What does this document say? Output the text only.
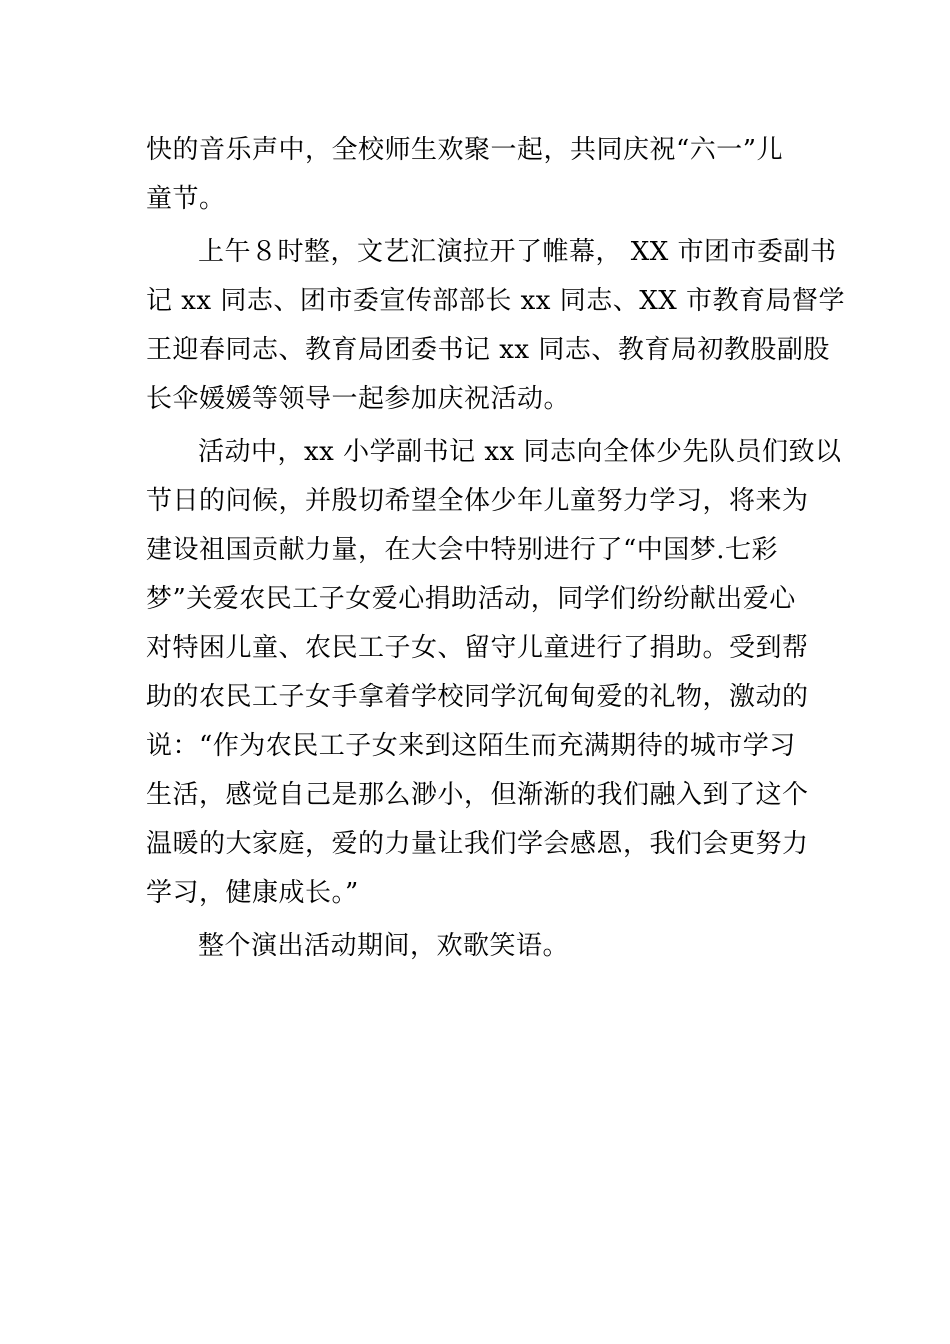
快的音乐声中，全校师生欢聚一起，共同庆祝“六一”儿
童节。
上午８时整，文艺汇演拉开了帷幕， XX 市团市委副书
记 xx 同志、团市委宣传部部长 xx 同志、XX 市教育局督学
王迎春同志、教育局团委书记 xx 同志、教育局初教股副股
长伞媛媛等领导一起参加庆祝活动。
活动中，xx 小学副书记 xx 同志向全体少先队员们致以
节日的问候，并殷切希望全体少年儿童努力学习，将来为
建设祖国贡献力量，在大会中特别进行了“中国梦.七彩
梦”关爱农民工子女爱心捐助活动，同学们纷纷献出爱心
对特困儿童、农民工子女、留守儿童进行了捐助。受到帮
助的农民工子女手拿着学校同学沉甸甸爱的礼物，激动的
说：“作为农民工子女来到这陌生而充满期待的城市学习
生活，感觉自己是那么渺小，但渐渐的我们融入到了这个
温暖的大家庭，爱的力量让我们学会感恩，我们会更努力
学习，健康成长。”
整个演出活动期间，欢歌笑语。
